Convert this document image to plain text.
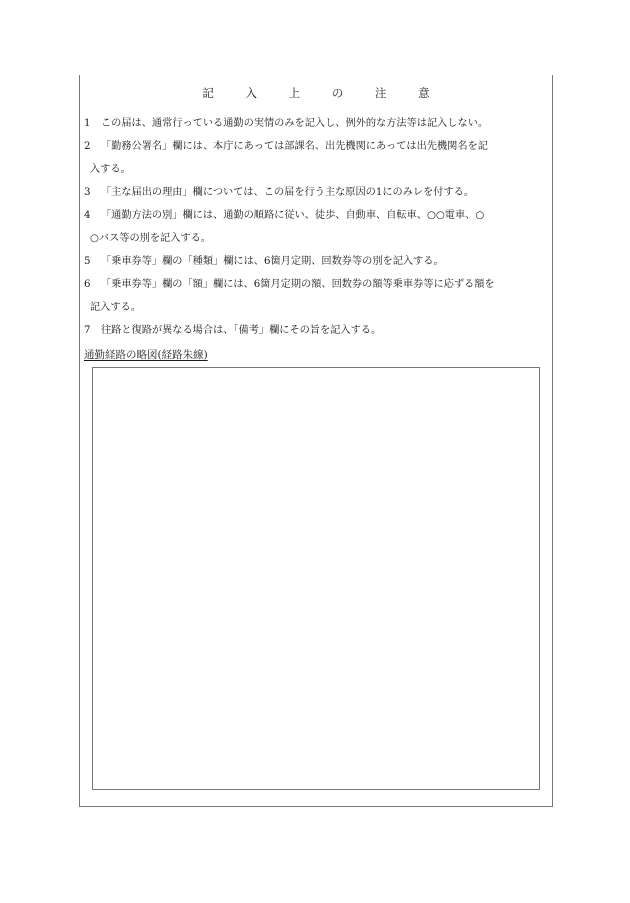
記 入 上 の 注 意
1 この届は、通常行っている通勤の実情のみを記入し、例外的な方法等は記入しない。
2 「勤務公署名」欄には、本庁にあっては部課名、出先機関にあっては出先機関名を記
入する。
3 「主な届出の理由」欄については、この届を行う主な原因の1にのみレを付する。
4 「通勤方法の別」欄には、通勤の順路に従い、徒歩、自動車、自転車、○○電車、○
○バス等の別を記入する。
5 「乗車券等」欄の「種類」欄には、6箇月定期、回数券等の別を記入する。
6 「乗車券等」欄の「額」欄には、6箇月定期の額、回数券の額等乗車券等に応ずる額を
記入する。
7 往路と復路が異なる場合は、「備考」欄にその旨を記入する。
通勤経路の略図(経路朱線)
